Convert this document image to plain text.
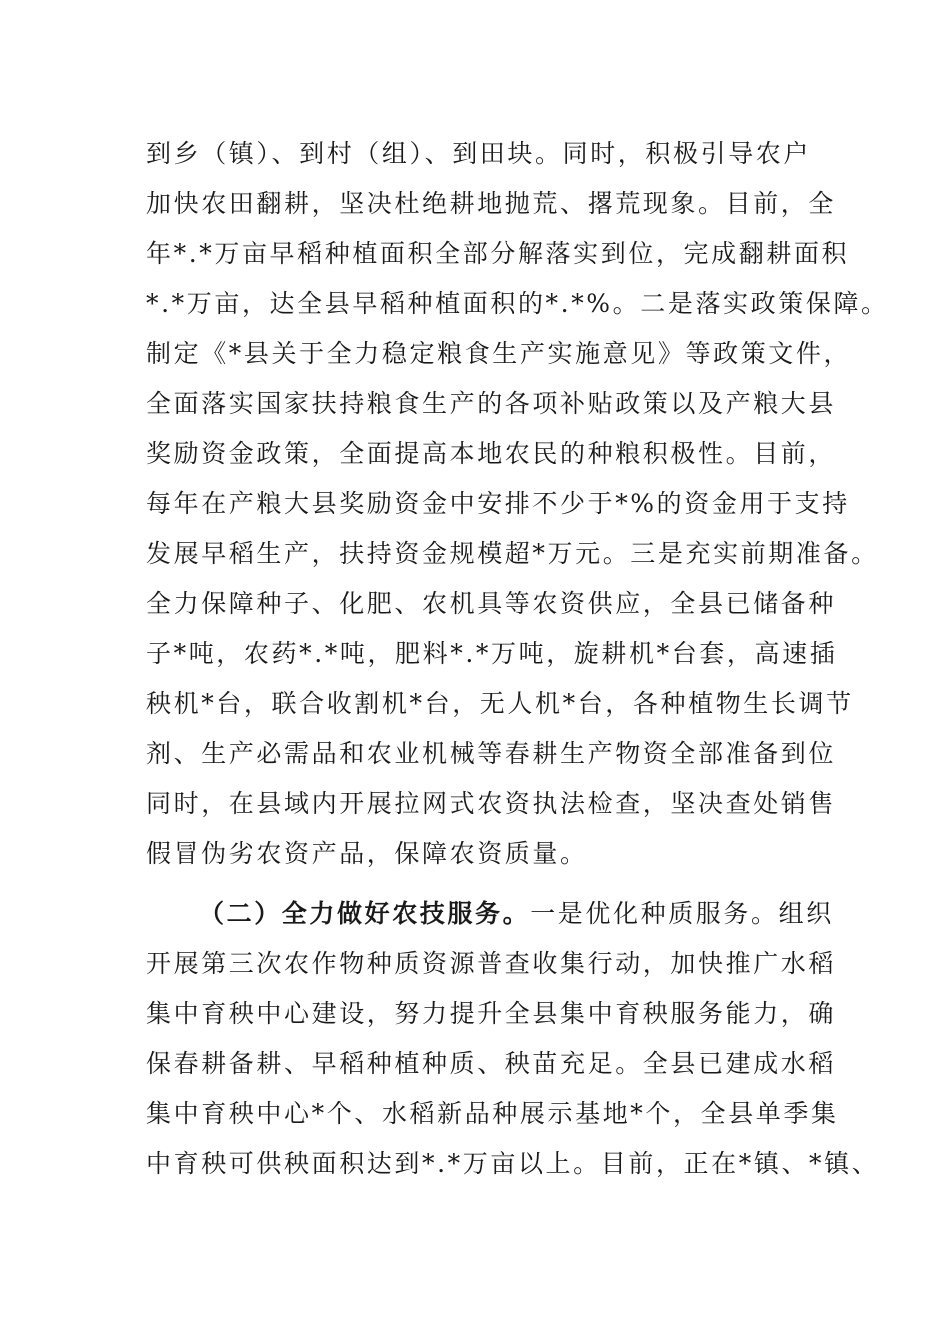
到乡（镇）、到村（组）、到田块。同时，积极引导农户
加快农田翻耕，坚决杜绝耕地抛荒、撂荒现象。目前，全
年*.*万亩早稻种植面积全部分解落实到位，完成翻耕面积
*.*万亩，达全县早稻种植面积的*.*%。二是落实政策保障。
制定《*县关于全力稳定粮食生产实施意见》等政策文件，
全面落实国家扶持粮食生产的各项补贴政策以及产粮大县
奖励资金政策，全面提高本地农民的种粮积极性。目前，
每年在产粮大县奖励资金中安排不少于*%的资金用于支持
发展早稻生产，扶持资金规模超*万元。三是充实前期准备。
全力保障种子、化肥、农机具等农资供应，全县已储备种
子*吨，农药*.*吨，肥料*.*万吨，旋耕机*台套，高速插
秧机*台，联合收割机*台，无人机*台，各种植物生长调节
剂、生产必需品和农业机械等春耕生产物资全部准备到位
同时，在县域内开展拉网式农资执法检查，坚决查处销售
假冒伪劣农资产品，保障农资质量。
（二）全力做好农技服务。一是优化种质服务。组织
开展第三次农作物种质资源普查收集行动，加快推广水稻
集中育秧中心建设，努力提升全县集中育秧服务能力，确
保春耕备耕、早稻种植种质、秧苗充足。全县已建成水稻
集中育秧中心*个、水稻新品种展示基地*个，全县单季集
中育秧可供秧面积达到*.*万亩以上。目前，正在*镇、*镇、
